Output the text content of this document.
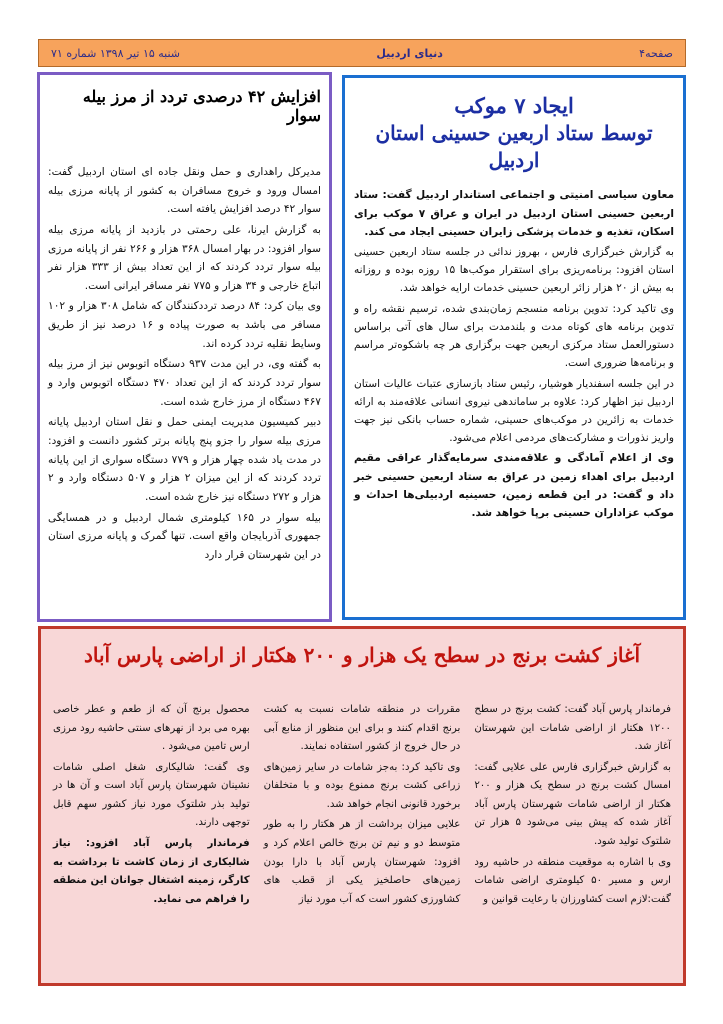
صفحه۴
دنیای اردبیل
شنبه ۱۵ تیر ۱۳۹۸ شماره ۷۱
ایجاد ۷ موکب
توسط ستاد اربعین حسینی استان اردبیل

معاون سیاسی امنیتی و اجتماعی استاندار اردبیل گفت: ستاد اربعین حسینی استان اردبیل در ایران و عراق ۷ موکب برای اسکان، تغذیه و خدمات پزشکی زایران حسینی ایجاد می کند.

به گزارش خبرگزاری فارس ، بهروز ندائی در جلسه ستاد اربعین حسینی استان افزود: برنامه‌ریزی برای استقرار موکب‌ها ۱۵ روزه بوده و روزانه به بیش از ۲۰ هزار زائر اربعین حسینی خدمات ارایه خواهد شد.

وی تاکید کرد: تدوین برنامه منسجم زمان‌بندی شده، ترسیم نقشه راه و تدوین برنامه های کوتاه مدت و بلندمدت برای سال های آتی براساس دستورالعمل ستاد مرکزی اربعین جهت برگزاری هر چه باشکوه‌تر مراسم و برنامه‌ها ضروری است.

در این جلسه اسفندیار هوشیار، رئیس ستاد بازسازی عتبات عالیات استان اردبیل نیز اظهار کرد: علاوه بر ساماندهی نیروی انسانی علاقه‌مند به ارائه خدمات به زائرین در موکب‌های حسینی، شماره حساب بانکی نیز جهت واریز نذورات و مشارکت‌های مردمی اعلام می‌شود.

وی از اعلام آمادگی و علاقه‌مندی سرمایه‌گذار عراقی مقیم اردبیل برای اهداء زمین در عراق به ستاد اربعین حسینی خبر داد و گفت: در این قطعه زمین، حسینیه اردبیلی‌ها احداث و موکب عزاداران حسینی برپا خواهد شد.

افزایش ۴۲ درصدی تردد از مرز بیله سوار

مدیرکل راهداری و حمل ونقل جاده ای استان اردبیل گفت: امسال ورود و خروج مسافران به کشور از پایانه مرزی بیله سوار ۴۲ درصد افزایش یافته است.

به گزارش ایرنا، علی رحمتی در بازدید از پایانه مرزی بیله سوار افزود: در بهار امسال ۳۶۸ هزار و ۲۶۶ نفر از پایانه مرزی بیله سوار تردد کردند که از این تعداد بیش از ۳۳۳ هزار نفر اتباع خارجی و ۳۴ هزار و ۷۷۵ نفر مسافر ایرانی است.

وی بیان کرد: ۸۴ درصد ترددکنندگان که شامل ۳۰۸ هزار و ۱۰۲ مسافر می باشد به صورت پیاده و ۱۶ درصد نیز از طریق وسایط نقلیه تردد کرده اند.

به گفته وی، در این مدت ۹۳۷ دستگاه اتوبوس نیز از مرز بیله سوار تردد کردند که از این تعداد ۴۷۰ دستگاه اتوبوس وارد و ۴۶۷ دستگاه از مرز خارج شده است.

دبیر کمیسیون مدیریت ایمنی حمل و نقل استان اردبیل پایانه مرزی بیله سوار را جزو پنج پایانه برتر کشور دانست و افزود: در مدت یاد شده چهار هزار و ۷۷۹ دستگاه سواری از این پایانه تردد کردند که از این میزان ۲ هزار و ۵۰۷ دستگاه وارد و ۲ هزار و ۲۷۲ دستگاه نیز خارج شده است.

بیله سوار در ۱۶۵ کیلومتری شمال اردبیل و در همسایگی جمهوری آذربایجان واقع است. تنها گمرک و پایانه مرزی استان در این شهرستان قرار دارد

آغاز کشت برنج در سطح یک هزار و ۲۰۰ هکتار از اراضی پارس آباد

فرماندار پارس آباد گفت: کشت برنج در سطح ۱۲۰۰ هکتار از اراضی شامات این شهرستان آغاز شد.

به گزارش خبرگزاری فارس علی علایی گفت: امسال کشت برنج در سطح یک هزار و ۲۰۰ هکتار از اراضی شامات شهرستان پارس آباد آغاز شده که پیش بینی می‌شود ۵ هزار تن شلتوک تولید شود.

وی با اشاره به موقعیت منطقه در حاشیه رود ارس و مسیر ۵۰ کیلومتری اراضی شامات گفت:لازم است کشاورزان با رعایت قوانین و

مقررات در منطقه شامات نسبت به کشت برنج اقدام کنند و برای این منظور از منابع آبی در حال خروج از کشور استفاده نمایند.

وی تاکید کرد: به‌جز شامات در سایر زمین‌های زراعی کشت برنج ممنوع بوده و با متخلفان برخورد قانونی انجام خواهد شد.

علایی میزان برداشت از هر هکتار را به طور متوسط دو و نیم تن برنج خالص اعلام کرد و افزود: شهرستان پارس آباد با دارا بودن زمین‌های حاصلخیز یکی از قطب های کشاورزی کشور است که آب مورد نیاز

محصول برنج آن که از طعم و عطر خاصی بهره می برد از نهرهای سنتی حاشیه رود مرزی ارس تامین می‌شود .

وی گفت: شالیکاری شغل اصلی شامات نشینان شهرستان پارس آباد است و آن ها در تولید بذر شلتوک مورد نیاز کشور سهم قابل توجهی دارند.

فرماندار پارس آباد افزود: نیاز شالیکاری از زمان کاشت تا برداشت به کارگر، زمینه اشتغال جوانان این منطقه را فراهم می نماید.
